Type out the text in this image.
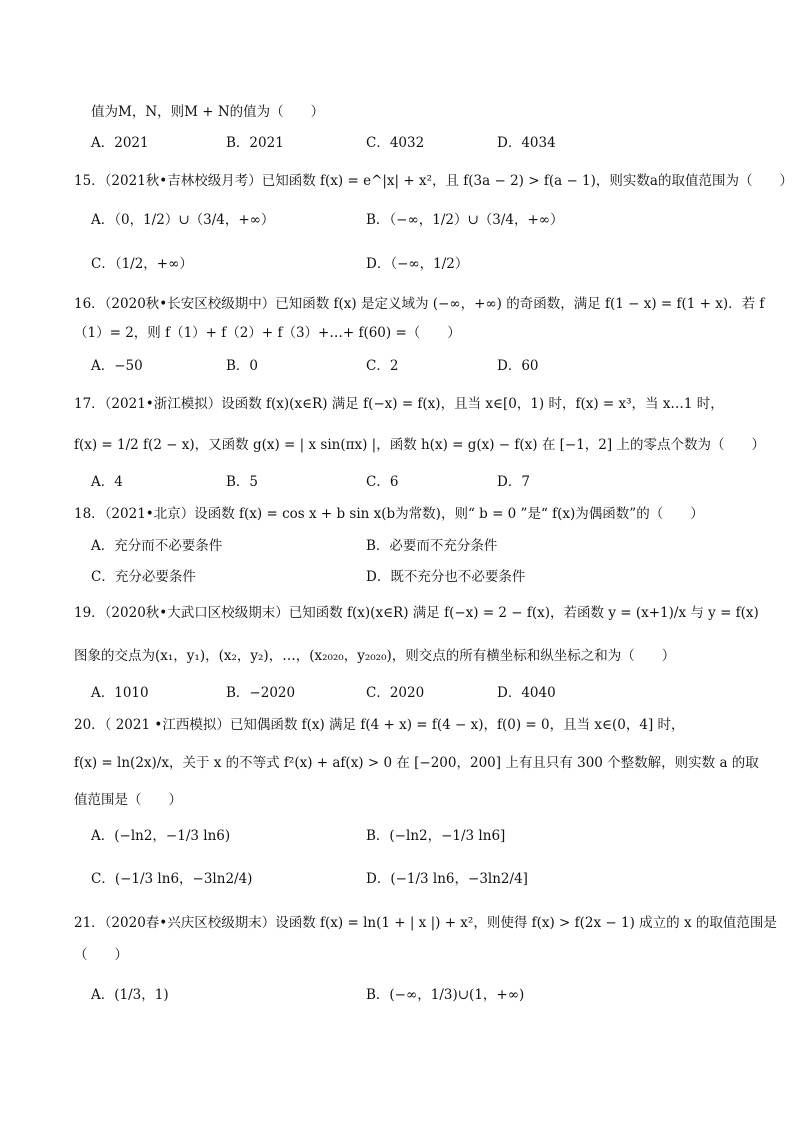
值为M，N，则M + N的值为（　　）
A．2021	B．2021	C．4032	D．4034
15．（2021秋•吉林校级月考）已知函数 f(x) = e^|x| + x²，且 f(3a − 2) > f(a − 1)，则实数a的取值范围为（　　）
A．（0，1/2）∪（3/4，+∞）	B．（−∞，1/2）∪（3/4，+∞）
C．（1/2，+∞）	D．（−∞，1/2）
16．（2020秋•长安区校级期中）已知函数 f(x) 是定义域为 (−∞，+∞) 的奇函数，满足 f(1 − x) = f(1 + x)．若 f
（1）= 2，则 f（1）+ f（2）+ f（3）+…+ f(60) =（　　）
A．−50	B．0	C．2	D．60
17．（2021•浙江模拟）设函数 f(x)(x∈R) 满足 f(−x) = f(x)，且当 x∈[0，1) 时，f(x) = x³，当 x…1 时，
f(x) = 1/2 f(2 − x)，又函数 g(x) = | x sin(πx) |，函数 h(x) = g(x) − f(x) 在 [−1，2] 上的零点个数为（　　）
A．4	B．5	C．6	D．7
18．（2021•北京）设函数 f(x) = cos x + b sin x(b为常数)，则“ b = 0 ”是“ f(x)为偶函数”的（　　）
A．充分而不必要条件	B．必要而不充分条件
C．充分必要条件	D．既不充分也不必要条件
19．（2020秋•大武口区校级期末）已知函数 f(x)(x∈R) 满足 f(−x) = 2 − f(x)，若函数 y = (x+1)/x 与 y = f(x)
图象的交点为(x₁，y₁)，(x₂，y₂)，…，(x₂₀₂₀，y₂₀₂₀)，则交点的所有横坐标和纵坐标之和为（　　）
A．1010	B．−2020	C．2020	D．4040
20．（ 2021 •江西模拟）已知偶函数 f(x) 满足 f(4 + x) = f(4 − x)，f(0) = 0，且当 x∈(0，4] 时，
f(x) = ln(2x)/x，关于 x 的不等式 f²(x) + af(x) > 0 在 [−200，200] 上有且只有 300 个整数解，则实数 a 的取
值范围是（　　）
A．(−ln2，−1/3 ln6)	B．(−ln2，−1/3 ln6]
C．(−1/3 ln6，−3ln2/4)	D．(−1/3 ln6，−3ln2/4]
21．（2020春•兴庆区校级期末）设函数 f(x) = ln(1 + | x |) + x²，则使得 f(x) > f(2x − 1) 成立的 x 的取值范围是
（　　）
A．(1/3，1)	B．(−∞，1/3)∪(1，+∞)
